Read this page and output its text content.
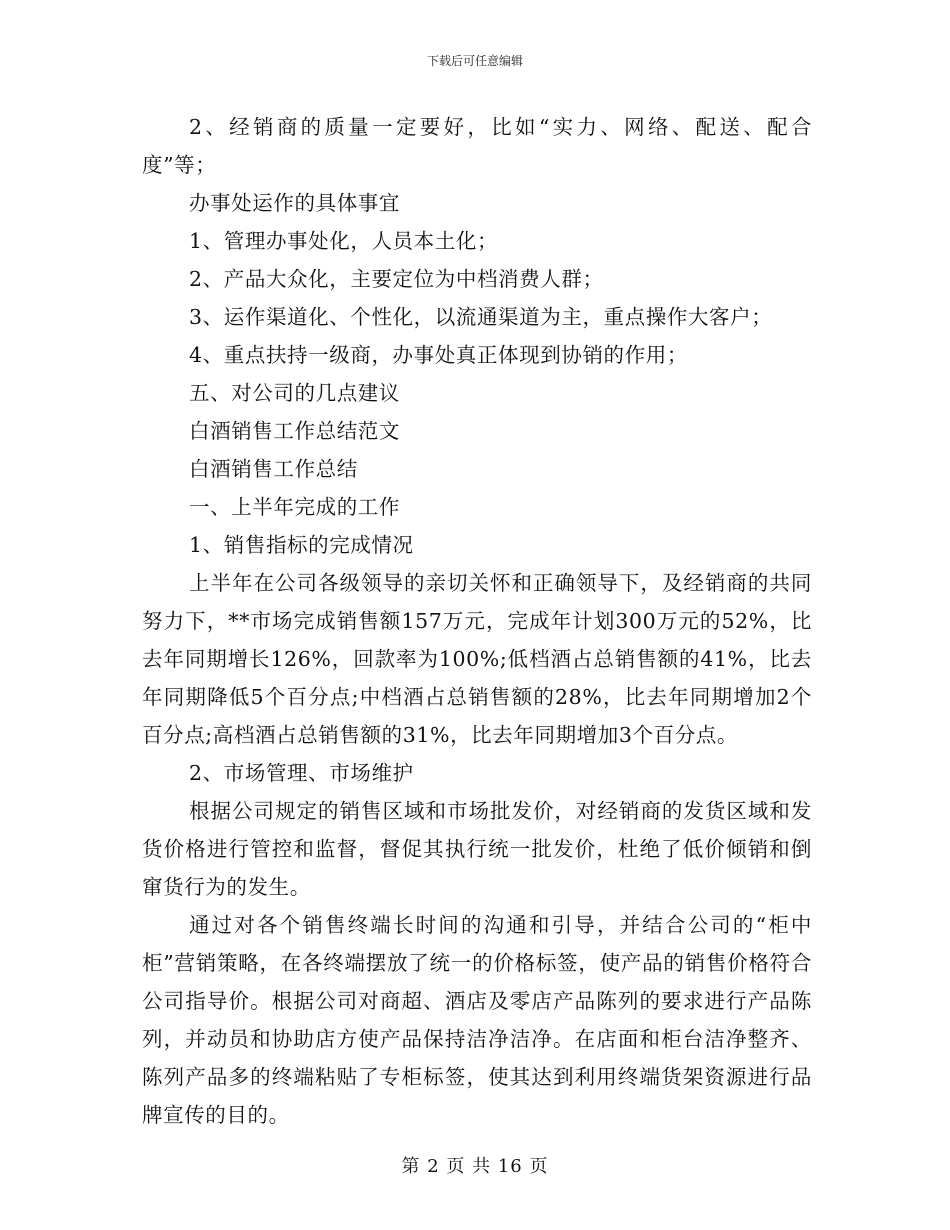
下载后可任意编辑

2、经销商的质量一定要好，比如“实力、网络、配送、配合度”等；

办事处运作的具体事宜

1、管理办事处化，人员本土化；

2、产品大众化，主要定位为中档消费人群；

3、运作渠道化、个性化，以流通渠道为主，重点操作大客户；

4、重点扶持一级商，办事处真正体现到协销的作用；

五、对公司的几点建议

白酒销售工作总结范文

白酒销售工作总结

一、上半年完成的工作

1、销售指标的完成情况

上半年在公司各级领导的亲切关怀和正确领导下，及经销商的共同努力下，**市场完成销售额157万元，完成年计划300万元的52%，比去年同期增长126%，回款率为100%;低档酒占总销售额的41%，比去年同期降低5个百分点;中档酒占总销售额的28%，比去年同期增加2个百分点;高档酒占总销售额的31%，比去年同期增加3个百分点。

2、市场管理、市场维护

根据公司规定的销售区域和市场批发价，对经销商的发货区域和发货价格进行管控和监督，督促其执行统一批发价，杜绝了低价倾销和倒窜货行为的发生。

通过对各个销售终端长时间的沟通和引导，并结合公司的“柜中柜”营销策略，在各终端摆放了统一的价格标签，使产品的销售价格符合公司指导价。根据公司对商超、酒店及零店产品陈列的要求进行产品陈列，并动员和协助店方使产品保持洁净洁净。在店面和柜台洁净整齐、陈列产品多的终端粘贴了专柜标签，使其达到利用终端货架资源进行品牌宣传的目的。

第 2 页 共 16 页
